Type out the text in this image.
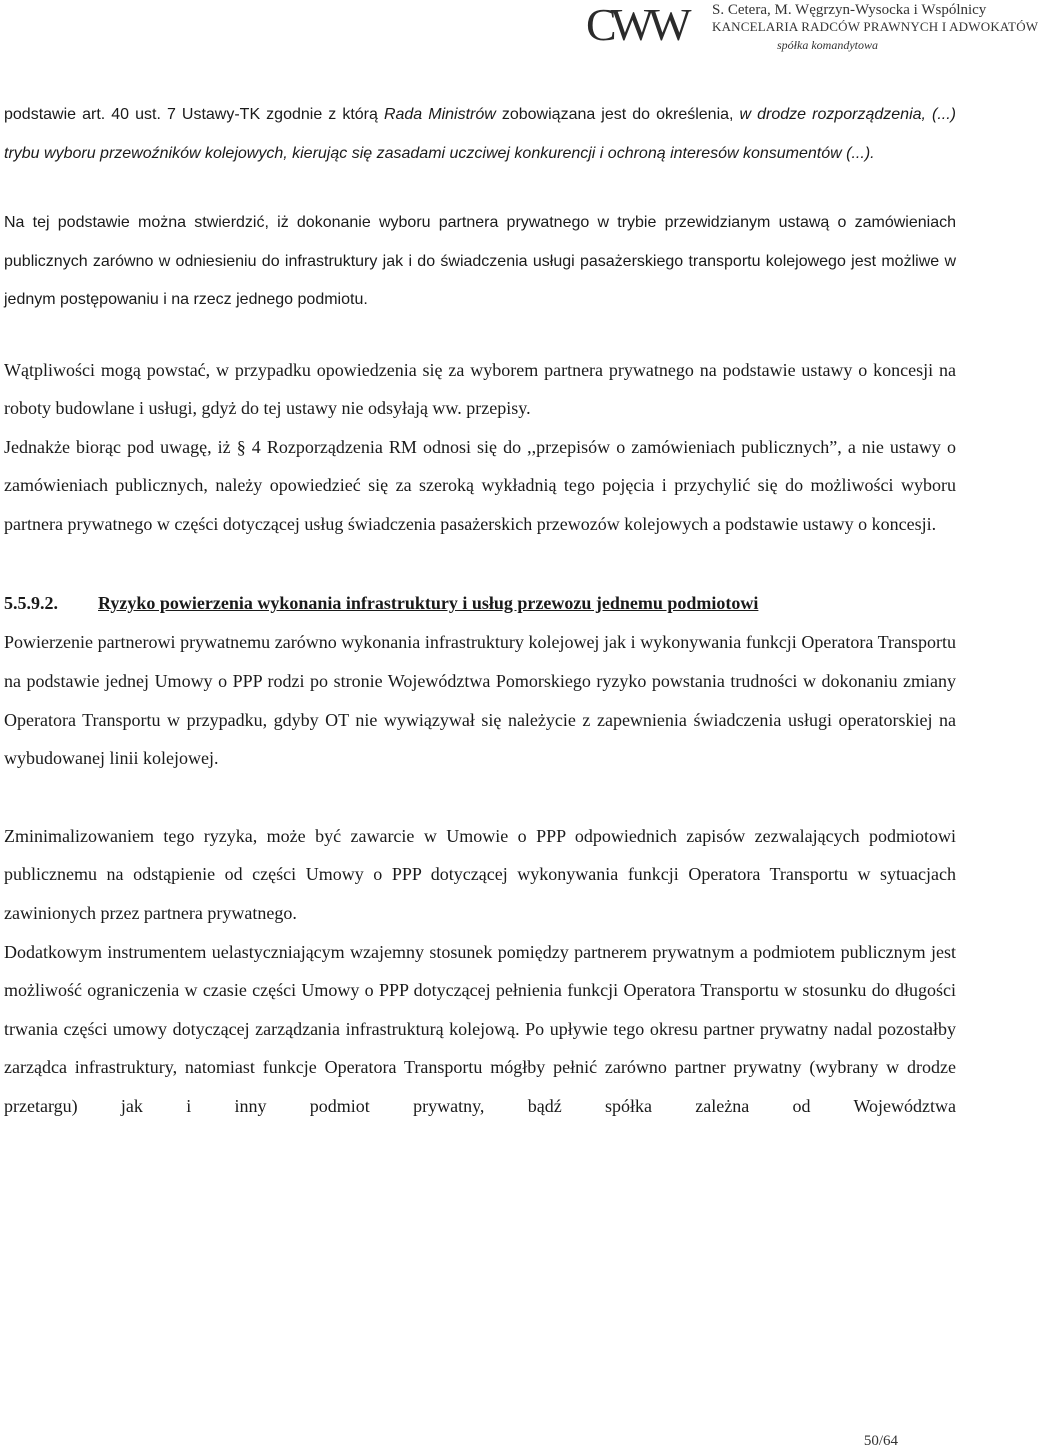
CWW	S. Cetera, M. Węgrzyn-Wysocka i Wspólnicy
KANCELARIA RADCÓW PRAWNYCH I ADWOKATÓW
spółka komandytowa

podstawie art. 40 ust. 7 Ustawy-TK zgodnie z którą Rada Ministrów zobowiązana jest do określenia, w drodze rozporządzenia, (...) trybu wyboru przewoźników kolejowych, kierując się zasadami uczciwej konkurencji i ochroną interesów konsumentów (...).

Na tej podstawie można stwierdzić, iż dokonanie wyboru partnera prywatnego w trybie przewidzianym ustawą o zamówieniach publicznych zarówno w odniesieniu do infrastruktury jak i do świadczenia usługi pasażerskiego transportu kolejowego jest możliwe w jednym postępowaniu i na rzecz jednego podmiotu.

Wątpliwości mogą powstać, w przypadku opowiedzenia się za wyborem partnera prywatnego na podstawie ustawy o koncesji na roboty budowlane i usługi, gdyż do tej ustawy nie odsyłają ww. przepisy.

Jednakże biorąc pod uwagę, iż § 4 Rozporządzenia RM odnosi się do ,,przepisów o zamówieniach publicznych”, a nie ustawy o zamówieniach publicznych, należy opowiedzieć się za szeroką wykładnią tego pojęcia i przychylić się do możliwości wyboru partnera prywatnego w części dotyczącej usług świadczenia pasażerskich przewozów kolejowych a podstawie ustawy o koncesji.

5.5.9.2. Ryzyko powierzenia wykonania infrastruktury i usług przewozu jednemu podmiotowi

Powierzenie partnerowi prywatnemu zarówno wykonania infrastruktury kolejowej jak i wykonywania funkcji Operatora Transportu na podstawie jednej Umowy o PPP rodzi po stronie Województwa Pomorskiego ryzyko powstania trudności w dokonaniu zmiany Operatora Transportu w przypadku, gdyby OT nie wywiązywał się należycie z zapewnienia świadczenia usługi operatorskiej na wybudowanej linii kolejowej.

Zminimalizowaniem tego ryzyka, może być zawarcie w Umowie o PPP odpowiednich zapisów zezwalających podmiotowi publicznemu na odstąpienie od części Umowy o PPP dotyczącej wykonywania funkcji Operatora Transportu w sytuacjach zawinionych przez partnera prywatnego.

Dodatkowym instrumentem uelastyczniającym wzajemny stosunek pomiędzy partnerem prywatnym a podmiotem publicznym jest możliwość ograniczenia w czasie części Umowy o PPP dotyczącej pełnienia funkcji Operatora Transportu w stosunku do długości trwania części umowy dotyczącej zarządzania infrastrukturą kolejową. Po upływie tego okresu partner prywatny nadal pozostałby zarządca infrastruktury, natomiast funkcje Operatora Transportu mógłby pełnić zarówno partner prywatny (wybrany w drodze przetargu) jak i inny podmiot prywatny, bądź spółka zależna od Województwa

50/64
